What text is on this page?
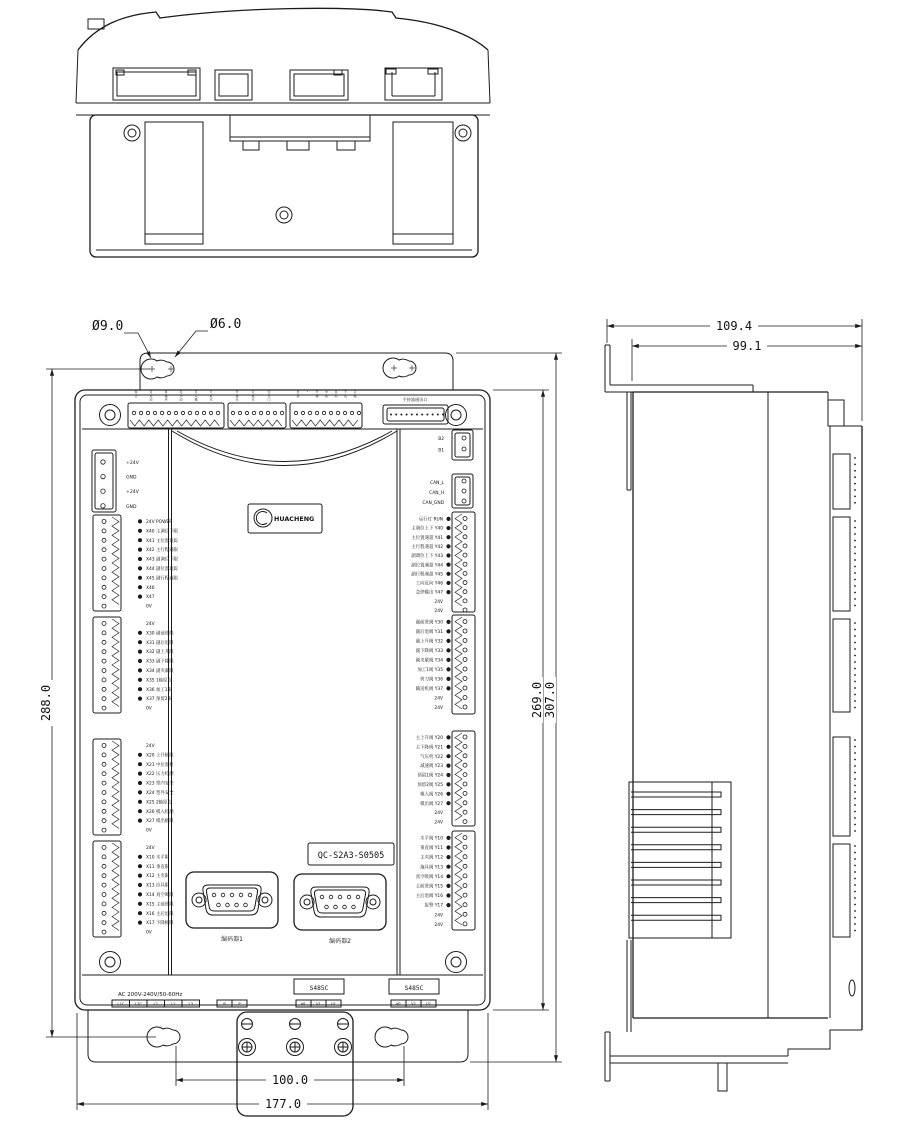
停
止
可
启
动
再
循
环
可
手
动
可
关
模
天
板
完
开
模
完
关
模
完
安
全
门
急
停
* 开
模
中
板
自
动
不
良
合
模
手持器通讯口
+24V
GND
+24V
GND
24V POWER
X40 主调位下限
X41 主位置追踪
X42 主行程遇限
X43 副调位下限
X44 副位置追踪
X45 副行程遇限
X46
X47
0V
24V
X30 副前进限
X31 副后退限
X32 副上升限
X33 副下降限
X34 副夹紧限
X35 1轴原点
X36 加工1限
X37 预留2限
0V
24V
X20 上升极限
X21 中位置检
X22 压力检测
X23 型内安全
X24 型外安全
X25 2轴原点
X26 模入检测
X27 模出极限
0V
24V
X10 水平限
X11 垂直限
X12 主夹限
X13 拉具限
X14 真空吸限
X15 主前进限
X16 主后退限
X17 下降极限
0V
B2
B1
CAN_L
CAN_H
CAN_GND
运行灯 RUN
主调位上下 Y40
主位置遇超 Y41
主行程遇超 Y42
副调位上下 Y43
副位置遇超 Y44
副行程遇超 Y45
工向反向 Y46
急停输出 Y47
24V
24V
副前进阀 Y30
副后退阀 Y31
副上升阀 Y32
副下降阀 Y33
副夹紧阀 Y34
加工1阀 Y35
剪刀阀 Y36
输送机阀 Y37
24V
24V
主上升阀 Y20
主下降阀 Y21
气压机 Y22
减速阀 Y23
预留1阀 Y24
预留2阀 Y25
模入阀 Y26
模出阀 Y27
24V
24V
水平阀 Y10
垂直阀 Y11
主夹阀 Y12
拖具阀 Y13
真空吸阀 Y14
主前进阀 Y15
主后退阀 Y16
报警 Y17
24V
24V
HUACHENG
QC-S2A3-S0505
编码器1	编码器2
AC 200V-240V/50-60Hz
L1C	L2C	L1	L2	L3	B	P
S485C
W1	V1	U1
S485C
W2	V2	U2
Ø9.0	Ø6.0
288.0	269.0 307.0
100.0
177.0
109.4
99.1
